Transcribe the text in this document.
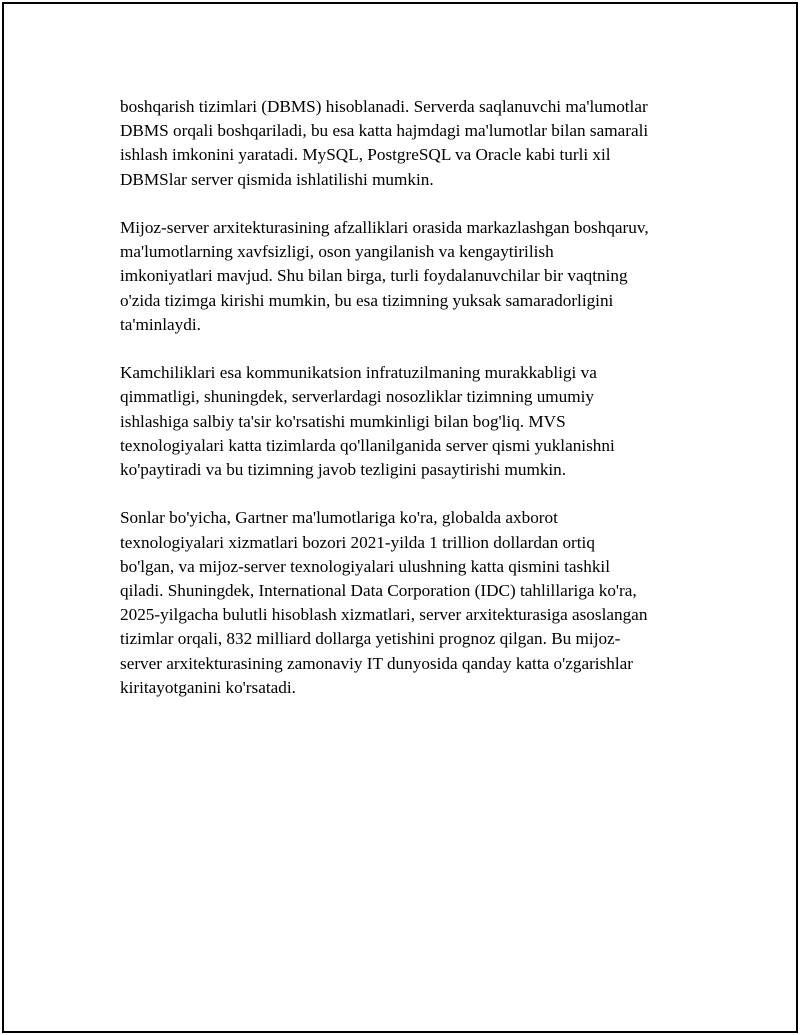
boshqarish tizimlari (DBMS) hisoblanadi. Serverda saqlanuvchi ma'lumotlar
DBMS orqali boshqariladi, bu esa katta hajmdagi ma'lumotlar bilan samarali
ishlash imkonini yaratadi. MySQL, PostgreSQL va Oracle kabi turli xil
DBMSlar server qismida ishlatilishi mumkin.

Mijoz-server arxitekturasining afzalliklari orasida markazlashgan boshqaruv,
ma'lumotlarning xavfsizligi, oson yangilanish va kengaytirilish
imkoniyatlari mavjud. Shu bilan birga, turli foydalanuvchilar bir vaqtning
o'zida tizimga kirishi mumkin, bu esa tizimning yuksak samaradorligini
ta'minlaydi.

Kamchiliklari esa kommunikatsion infratuzilmaning murakkabligi va
qimmatligi, shuningdek, serverlardagi nosozliklar tizimning umumiy
ishlashiga salbiy ta'sir ko'rsatishi mumkinligi bilan bog'liq. MVS
texnologiyalari katta tizimlarda qo'llanilganida server qismi yuklanishni
ko'paytiradi va bu tizimning javob tezligini pasaytirishi mumkin.

Sonlar bo'yicha, Gartner ma'lumotlariga ko'ra, globalda axborot
texnologiyalari xizmatlari bozori 2021-yilda 1 trillion dollardan ortiq
bo'lgan, va mijoz-server texnologiyalari ulushning katta qismini tashkil
qiladi. Shuningdek, International Data Corporation (IDC) tahlillariga ko'ra,
2025-yilgacha bulutli hisoblash xizmatlari, server arxitekturasiga asoslangan
tizimlar orqali, 832 milliard dollarga yetishini prognoz qilgan. Bu mijoz-
server arxitekturasining zamonaviy IT dunyosida qanday katta o'zgarishlar
kiritayotganini ko'rsatadi.
